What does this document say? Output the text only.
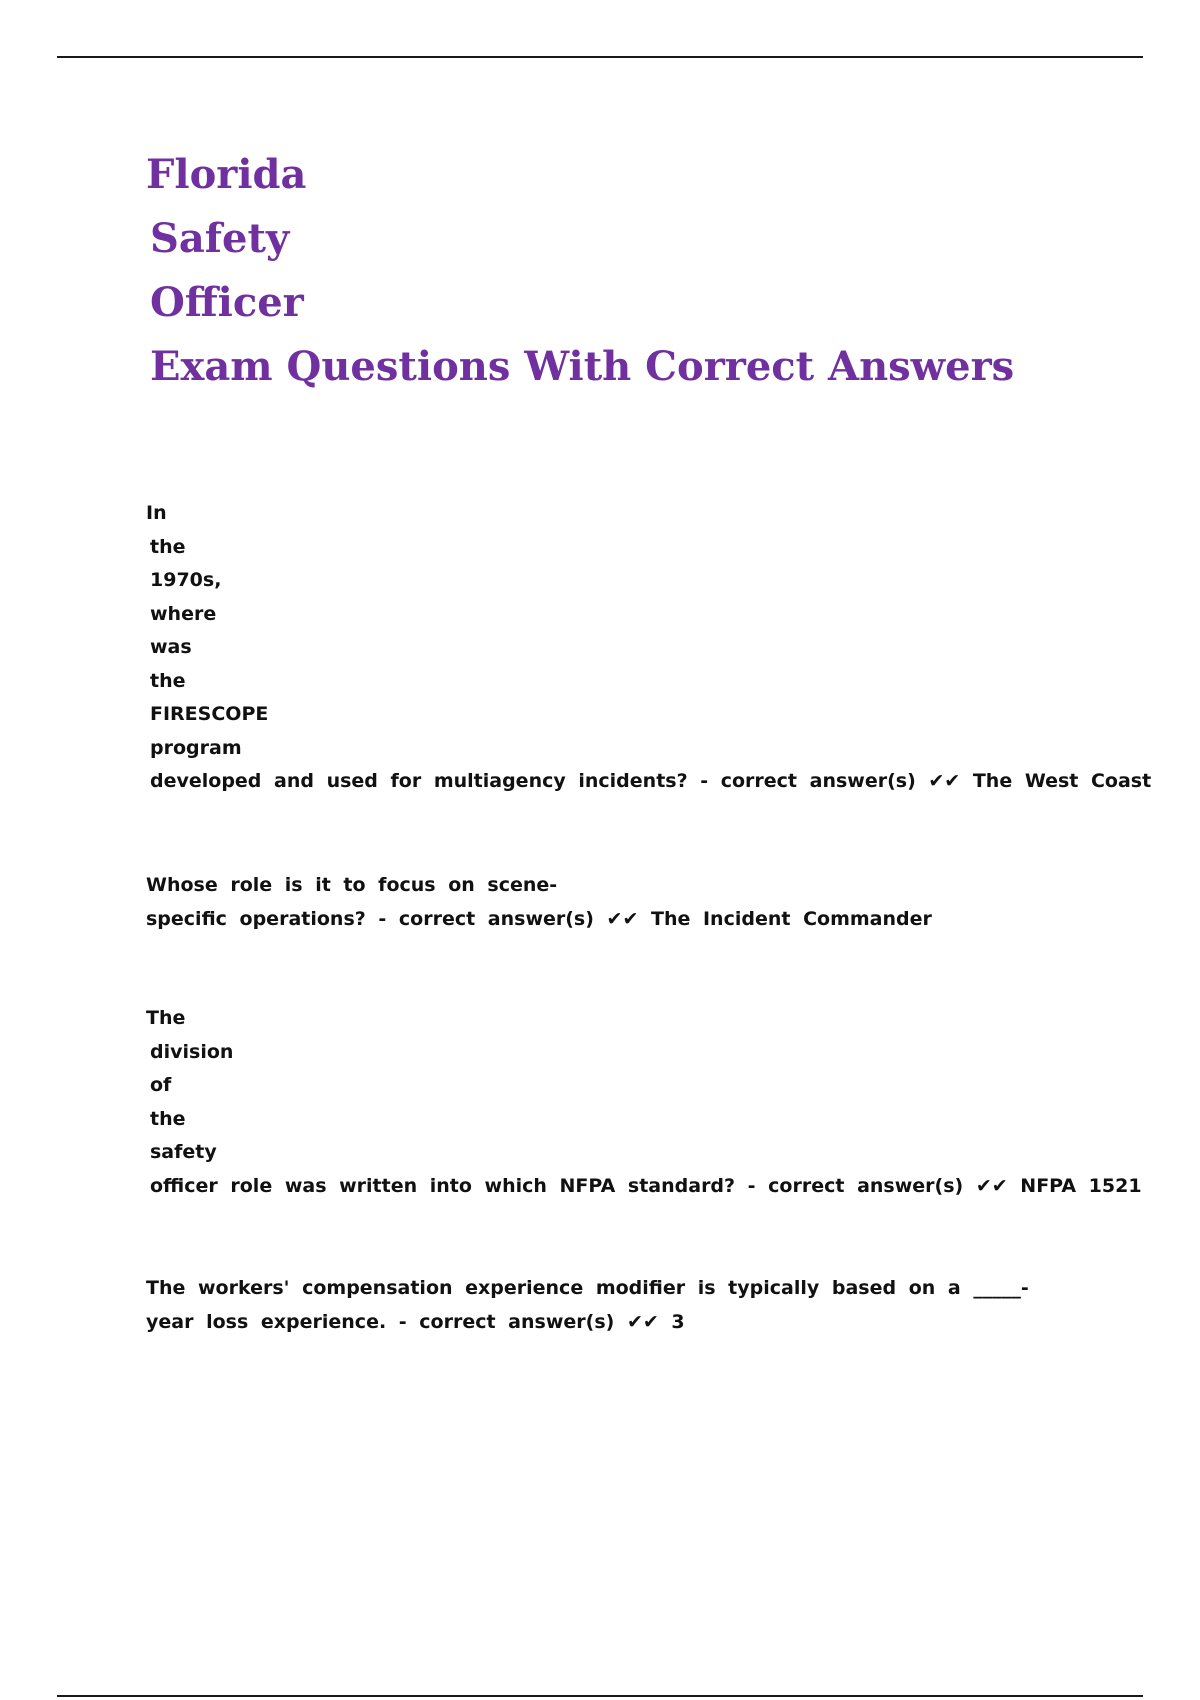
Florida
Safety
Officer
Exam Questions With Correct Answers
In
the
1970s,
where
was
the
FIRESCOPE
program
developed and used for multiagency incidents? - correct answer(s) ✔✔ The West Coast
Whose role is it to focus on scene-
specific operations? - correct answer(s) ✔✔ The Incident Commander
The
division
of
the
safety
officer role was written into which NFPA standard? - correct answer(s) ✔✔ NFPA 1521
The workers' compensation experience modifier is typically based on a _____-
year loss experience. - correct answer(s) ✔✔ 3
